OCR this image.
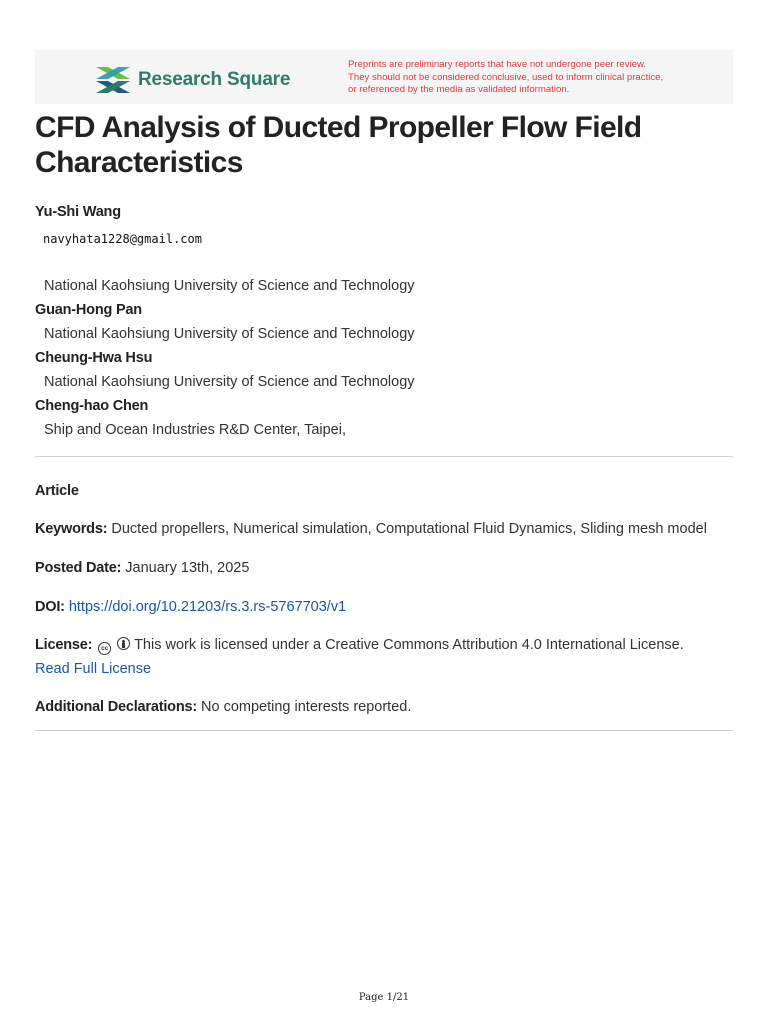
Research Square
Preprints are preliminary reports that have not undergone peer review.
They should not be considered conclusive, used to inform clinical practice,
or referenced by the media as validated information.
CFD Analysis of Ducted Propeller Flow Field Characteristics
Yu-Shi Wang
navyhata1228@gmail.com
National Kaohsiung University of Science and Technology
Guan-Hong Pan
National Kaohsiung University of Science and Technology
Cheung-Hwa Hsu
National Kaohsiung University of Science and Technology
Cheng-hao Chen
Ship and Ocean Industries R&D Center, Taipei,
Article
Keywords: Ducted propellers, Numerical simulation, Computational Fluid Dynamics, Sliding mesh model
Posted Date: January 13th, 2025
DOI: https://doi.org/10.21203/rs.3.rs-5767703/v1
License: cc This work is licensed under a Creative Commons Attribution 4.0 International License.
Read Full License
Additional Declarations: No competing interests reported.
Page 1/21
